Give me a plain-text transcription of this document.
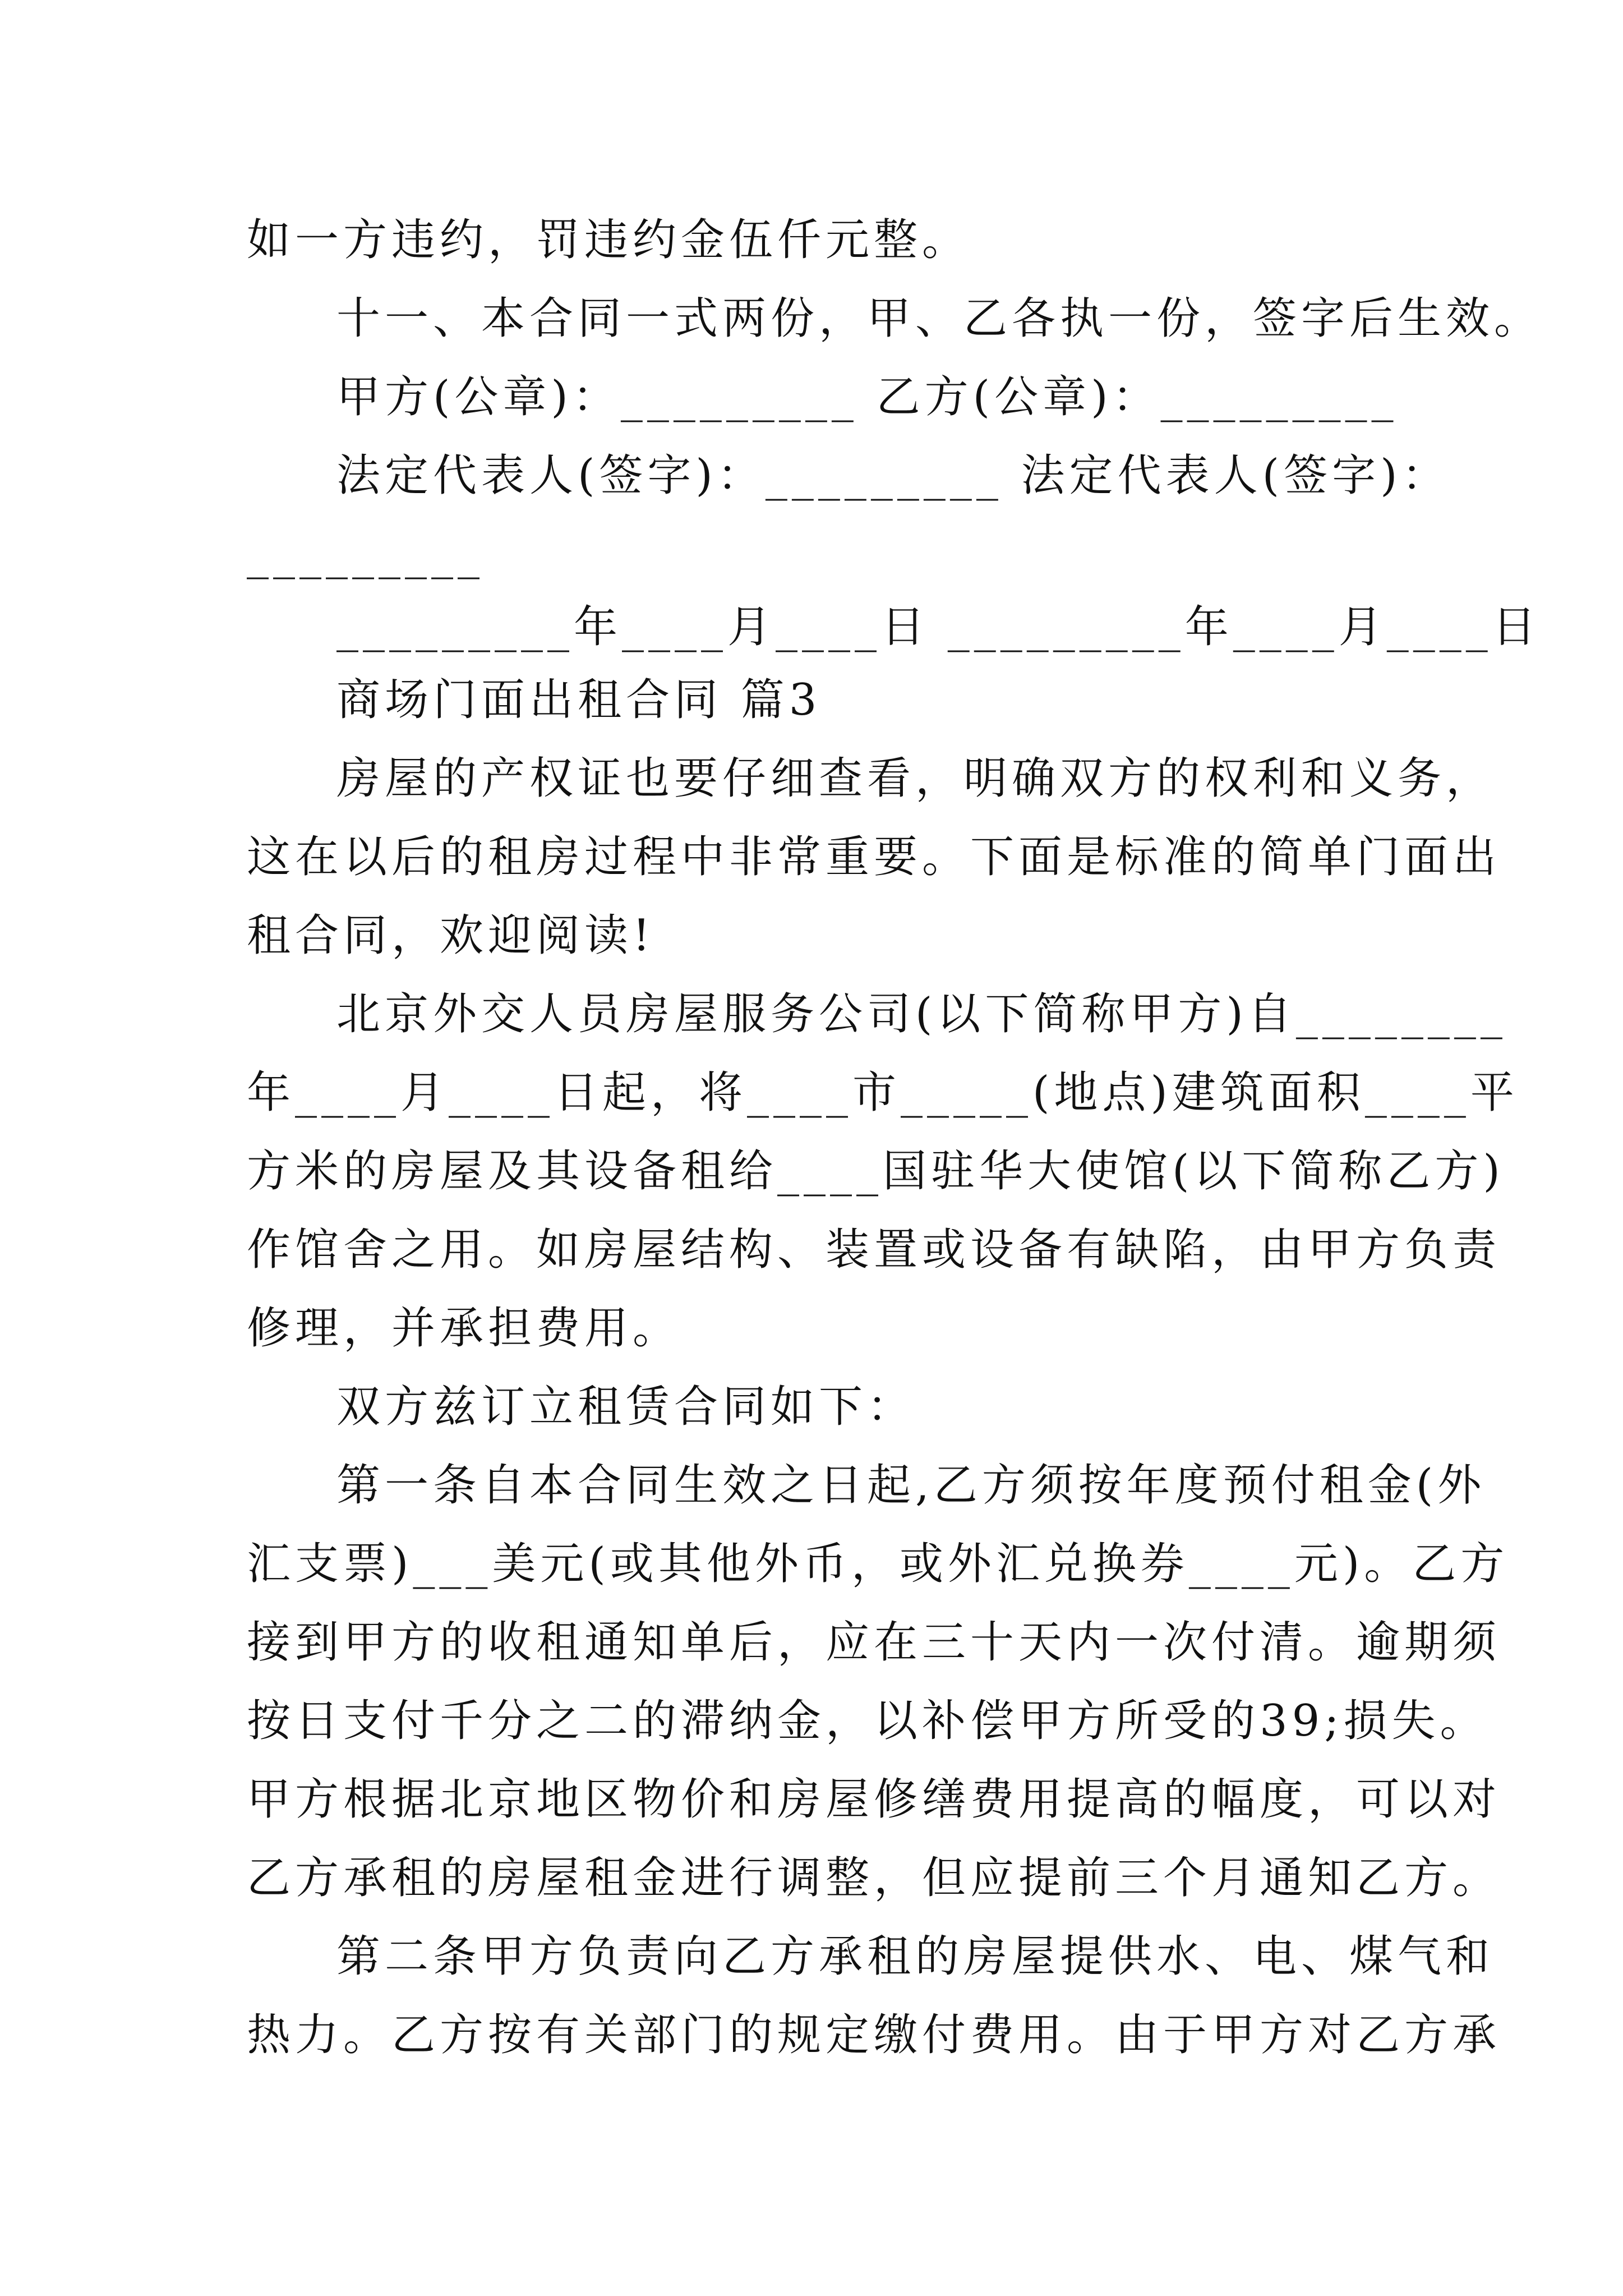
如一方违约，罚违约金伍仟元整。
十一、本合同一式两份，甲、乙各执一份，签字后生效。
甲方(公章)：_________ 乙方(公章)：_________
法定代表人(签字)：_________ 法定代表人(签字)：
_________
_________年____月____日 _________年____月____日
商场门面出租合同 篇3
房屋的产权证也要仔细查看，明确双方的权利和义务，
这在以后的租房过程中非常重要。下面是标准的简单门面出
租合同，欢迎阅读!
北京外交人员房屋服务公司(以下简称甲方)自________
年____月____日起，将____市_____(地点)建筑面积____平
方米的房屋及其设备租给____国驻华大使馆(以下简称乙方)
作馆舍之用。如房屋结构、装置或设备有缺陷，由甲方负责
修理，并承担费用。
双方兹订立租赁合同如下：
第一条自本合同生效之日起,乙方须按年度预付租金(外
汇支票)___美元(或其他外币，或外汇兑换券____元)。乙方
接到甲方的收租通知单后，应在三十天内一次付清。逾期须
按日支付千分之二的滞纳金，以补偿甲方所受的39;损失。
甲方根据北京地区物价和房屋修缮费用提高的幅度，可以对
乙方承租的房屋租金进行调整，但应提前三个月通知乙方。
第二条甲方负责向乙方承租的房屋提供水、电、煤气和
热力。乙方按有关部门的规定缴付费用。由于甲方对乙方承
